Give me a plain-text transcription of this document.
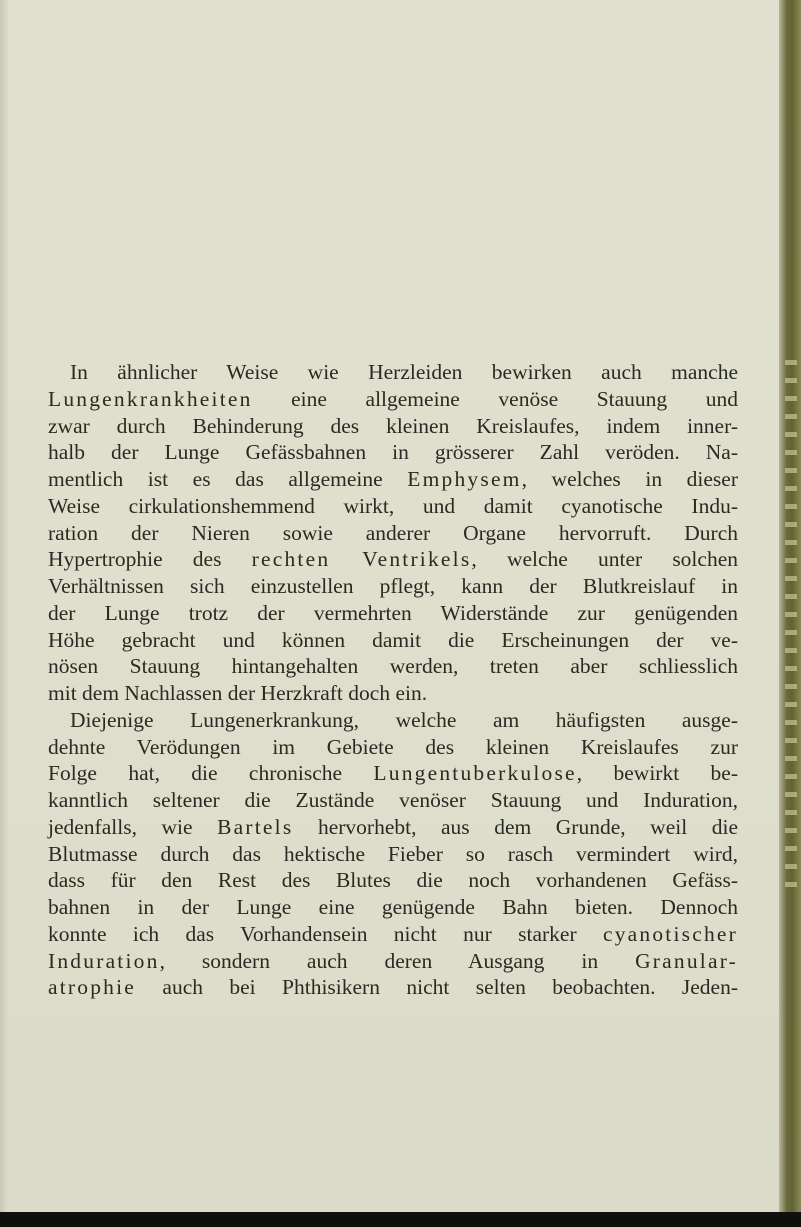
In ähnlicher Weise wie Herzleiden bewirken auch manche
Lungenkrankheiten eine allgemeine venöse Stauung und
zwar durch Behinderung des kleinen Kreislaufes, indem inner-
halb der Lunge Gefässbahnen in grösserer Zahl veröden. Na-
mentlich ist es das allgemeine Emphysem, welches in dieser
Weise cirkulationshemmend wirkt, und damit cyanotische Indu-
ration der Nieren sowie anderer Organe hervorruft. Durch
Hypertrophie des rechten Ventrikels, welche unter solchen
Verhältnissen sich einzustellen pflegt, kann der Blutkreislauf in
der Lunge trotz der vermehrten Widerstände zur genügenden
Höhe gebracht und können damit die Erscheinungen der ve-
nösen Stauung hintangehalten werden, treten aber schliesslich
mit dem Nachlassen der Herzkraft doch ein.
Diejenige Lungenerkrankung, welche am häufigsten ausge-
dehnte Verödungen im Gebiete des kleinen Kreislaufes zur
Folge hat, die chronische Lungentuberkulose, bewirkt be-
kanntlich seltener die Zustände venöser Stauung und Induration,
jedenfalls, wie Bartels hervorhebt, aus dem Grunde, weil die
Blutmasse durch das hektische Fieber so rasch vermindert wird,
dass für den Rest des Blutes die noch vorhandenen Gefäss-
bahnen in der Lunge eine genügende Bahn bieten. Dennoch
konnte ich das Vorhandensein nicht nur starker cyanotischer
Induration, sondern auch deren Ausgang in Granular-
atrophie auch bei Phthisikern nicht selten beobachten. Jeden-
